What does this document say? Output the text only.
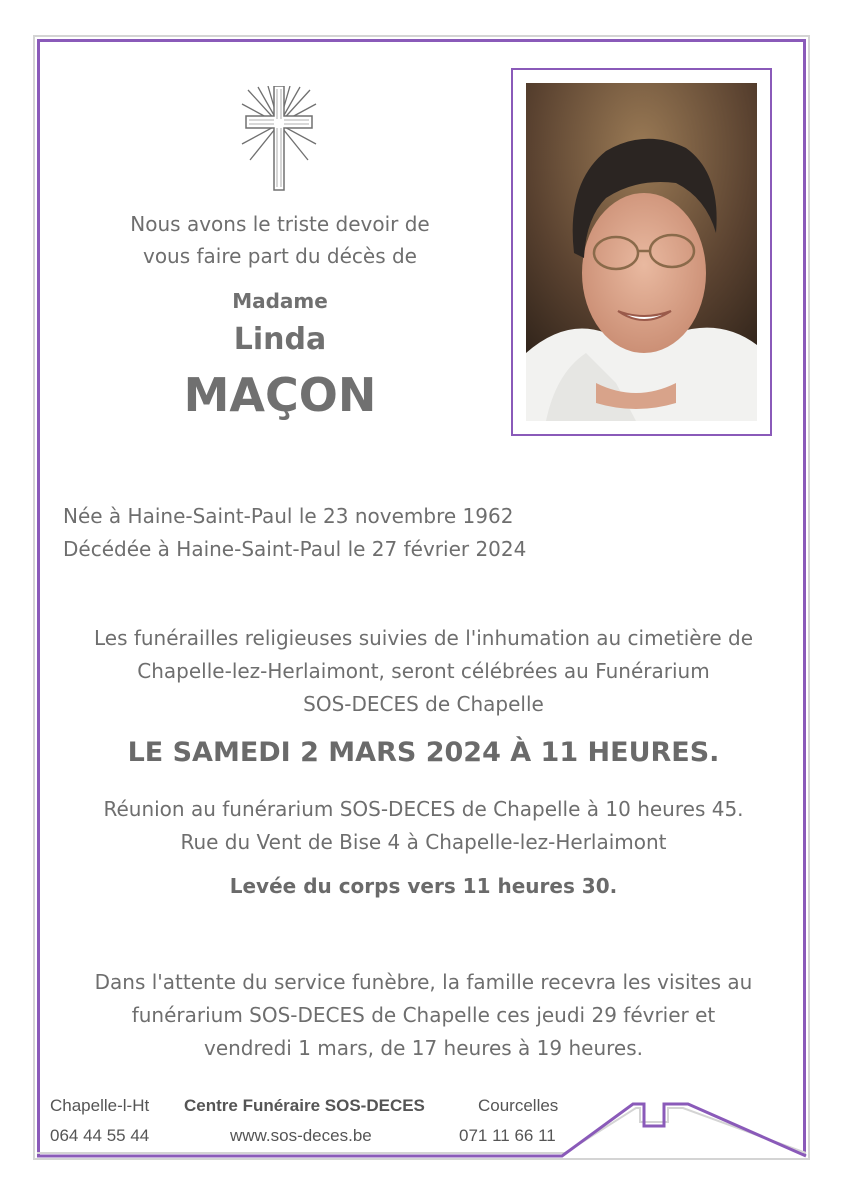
Nous avons le triste devoir de
vous faire part du décès de
Madame
Linda
MAÇON
Née à Haine-Saint-Paul le 23 novembre 1962
Décédée à Haine-Saint-Paul le 27 février 2024
Les funérailles religieuses suivies de l'inhumation au cimetière de
Chapelle-lez-Herlaimont, seront célébrées au Funérarium
SOS-DECES de Chapelle
LE SAMEDI 2 MARS 2024 À 11 HEURES.
Réunion au funérarium SOS-DECES de Chapelle à 10 heures 45.
Rue du Vent de Bise 4 à Chapelle-lez-Herlaimont
Levée du corps vers 11 heures 30.
Dans l'attente du service funèbre, la famille recevra les visites au
funérarium SOS-DECES de Chapelle ces jeudi 29 février et
vendredi 1 mars, de 17 heures à 19 heures.
Chapelle-l-Ht
064 44 55 44
Centre Funéraire SOS-DECES
www.sos-deces.be
Courcelles
071 11 66 11
